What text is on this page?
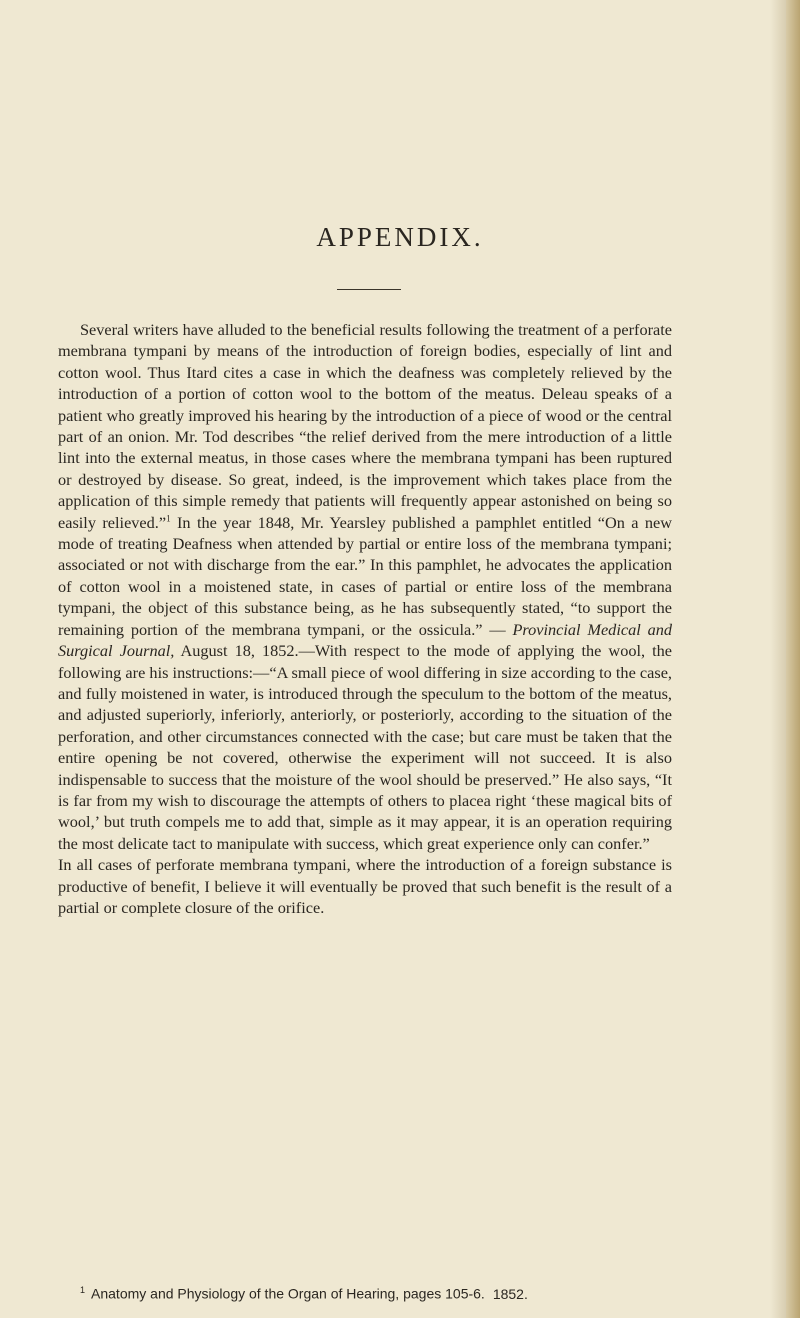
APPENDIX.

Several writers have alluded to the beneficial results following the treatment of a perforate membrana tympani by means of the introduction of foreign bodies, especially of lint and cotton wool. Thus Itard cites a case in which the deafness was completely relieved by the introduction of a portion of cotton wool to the bottom of the meatus. Deleau speaks of a patient who greatly improved his hearing by the introduction of a piece of wood or the central part of an onion. Mr. Tod describes “the relief derived from the mere introduction of a little lint into the external meatus, in those cases where the membrana tympani has been ruptured or destroyed by disease. So great, indeed, is the improvement which takes place from the application of this simple remedy that patients will frequently appear astonished on being so easily relieved.”$^1$ In the year 1848, Mr. Yearsley published a pamphlet entitled “On a new mode of treating Deafness when attended by partial or entire loss of the membrana tympani; associated or not with discharge from the ear.” In this pamphlet, he advocates the application of cotton wool in a moistened state, in cases of partial or entire loss of the membrana tympani, the object of this substance being, as he has subsequently stated, “to support the remaining portion of the membrana tympani, or the ossicula.” — Provincial Medical and Surgical Journal, August 18, 1852.—With respect to the mode of applying the wool, the following are his instructions:—“A small piece of wool differing in size according to the case, and fully moistened in water, is introduced through the speculum to the bottom of the meatus, and adjusted superiorly, inferiorly, anteriorly, or posteriorly, according to the situation of the perforation, and other circumstances connected with the case; but care must be taken that the entire opening be not covered, otherwise the experiment will not succeed. It is also indispensable to success that the moisture of the wool should be preserved.” He also says, “It is far from my wish to discourage the attempts of others to placea right ‘these magical bits of wool,’ but truth compels me to add that, simple as it may appear, it is an operation requiring the most delicate tact to manipulate with success, which great experience only can confer.”

In all cases of perforate membrana tympani, where the introduction of a foreign substance is productive of benefit, I believe it will eventually be proved that such benefit is the result of a partial or complete closure of the orifice.

$^1$ Anatomy and Physiology of the Organ of Hearing, pages 105-6. 1852.
